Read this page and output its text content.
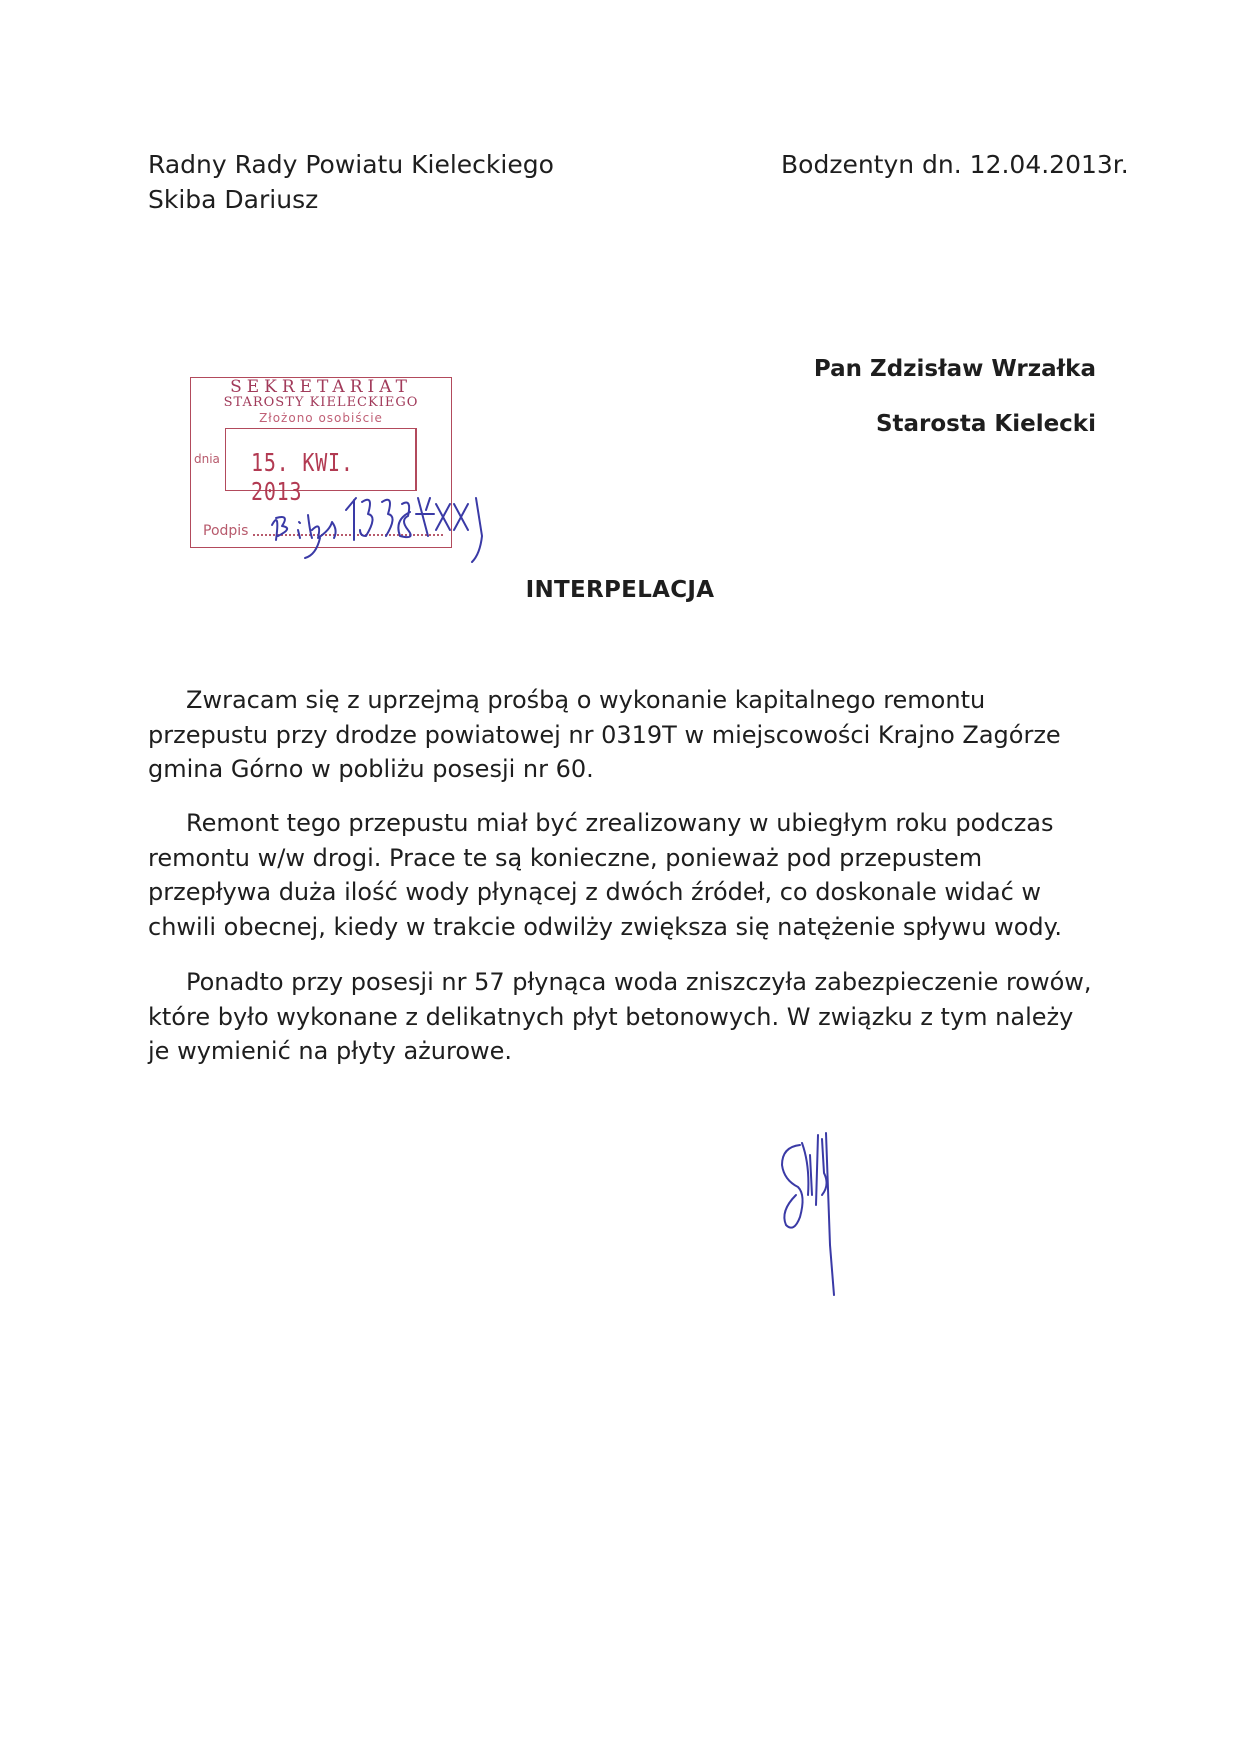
Radny Rady Powiatu Kieleckiego
Skiba Dariusz
Bodzentyn dn. 12.04.2013r.
Pan Zdzisław Wrzałka
Starosta Kielecki
SEKRETARIAT
STAROSTY KIELECKIEGO
Złożono osobiście
dnia 15. KWI. 2013
Podpis
INTERPELACJA

Zwracam się z uprzejmą prośbą o wykonanie kapitalnego remontu przepustu przy drodze powiatowej nr 0319T w miejscowości Krajno Zagórze gmina Górno w pobliżu posesji nr 60.

Remont tego przepustu miał być zrealizowany w ubiegłym roku podczas remontu w/w drogi. Prace te są konieczne, ponieważ pod przepustem przepływa duża ilość wody płynącej z dwóch źródeł, co doskonale widać w chwili obecnej, kiedy w trakcie odwilży zwiększa się natężenie spływu wody.

Ponadto przy posesji nr 57 płynąca woda zniszczyła zabezpieczenie rowów, które było wykonane z delikatnych płyt betonowych. W związku z tym należy je wymienić na płyty ażurowe.
